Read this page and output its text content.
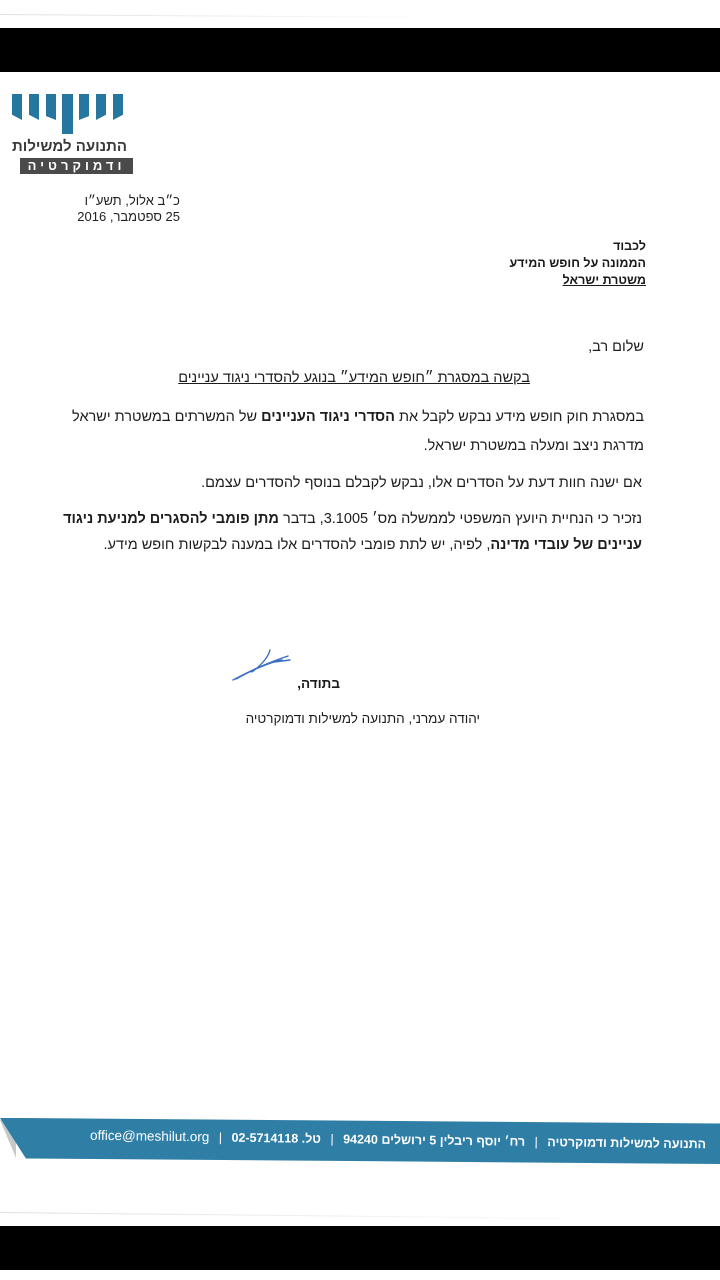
התנועה למשילות
ודמוקרטיה
כ״ב אלול, תשע״ו
25 ספטמבר, 2016
לכבוד
הממונה על חופש המידע
משטרת ישראל
שלום רב,
בקשה במסגרת ״חופש המידע״ בנוגע להסדרי ניגוד עניינים
במסגרת חוק חופש מידע נבקש לקבל את הסדרי ניגוד העניינים של המשרתים במשטרת ישראל מדרגת ניצב ומעלה במשטרת ישראל.
אם ישנה חוות דעת על הסדרים אלו, נבקש לקבלם בנוסף להסדרים עצמם.
נזכיר כי הנחיית היועץ המשפטי לממשלה מס׳ 3.1005, בדבר מתן פומבי להסגרים למניעת ניגוד עניינים של עובדי מדינה, לפיה, יש לתת פומבי להסדרים אלו במענה לבקשות חופש מידע.
בתודה,
יהודה עמרני, התנועה למשילות ודמוקרטיה
התנועה למשילות ודמוקרטיה | רח׳ יוסף ריבלין 5 ירושלים 94240 | טל. 02-5714118 | office@meshilut.org
